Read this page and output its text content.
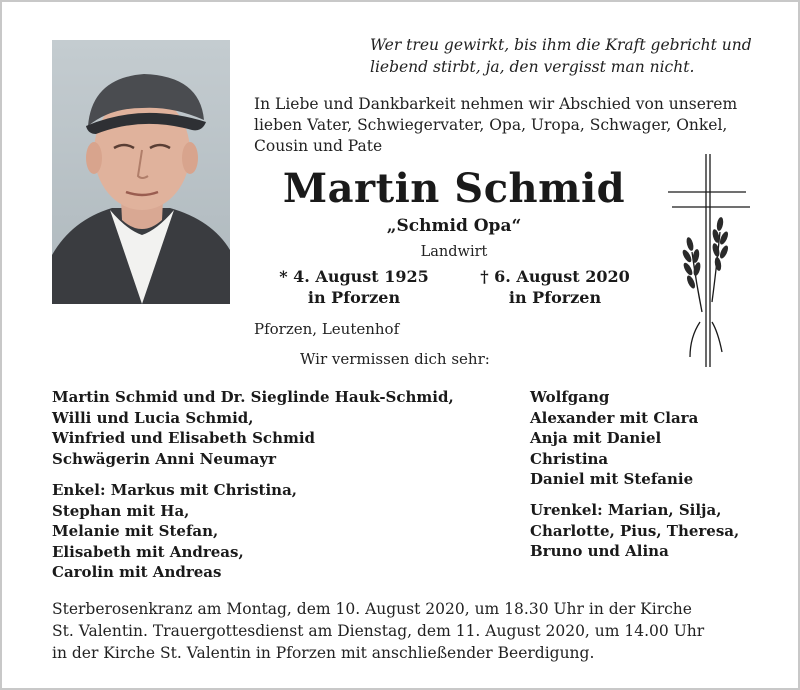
Wer treu gewirkt, bis ihm die Kraft gebricht und
liebend stirbt, ja, den vergisst man nicht.
In Liebe und Dankbarkeit nehmen wir Abschied von unserem
lieben Vater, Schwiegervater, Opa, Uropa, Schwager, Onkel,
Cousin und Pate
Martin Schmid
„Schmid Opa“
Landwirt
* 4. August 1925
in Pforzen
† 6. August 2020
in Pforzen
Pforzen, Leutenhof
Wir vermissen dich sehr:
Martin Schmid und Dr. Sieglinde Hauk-Schmid,
Willi und Lucia Schmid,
Winfried und Elisabeth Schmid
Schwägerin Anni Neumayr
Enkel: Markus mit Christina,
Stephan mit Ha,
Melanie mit Stefan,
Elisabeth mit Andreas,
Carolin mit Andreas
Wolfgang
Alexander mit Clara
Anja mit Daniel
Christina
Daniel mit Stefanie
Urenkel: Marian, Silja,
Charlotte, Pius, Theresa,
Bruno und Alina
Sterberosenkranz am Montag, dem 10. August 2020, um 18.30 Uhr in der Kirche
St. Valentin. Trauergottesdienst am Dienstag, dem 11. August 2020, um 14.00 Uhr
in der Kirche St. Valentin in Pforzen mit anschließender Beerdigung.
